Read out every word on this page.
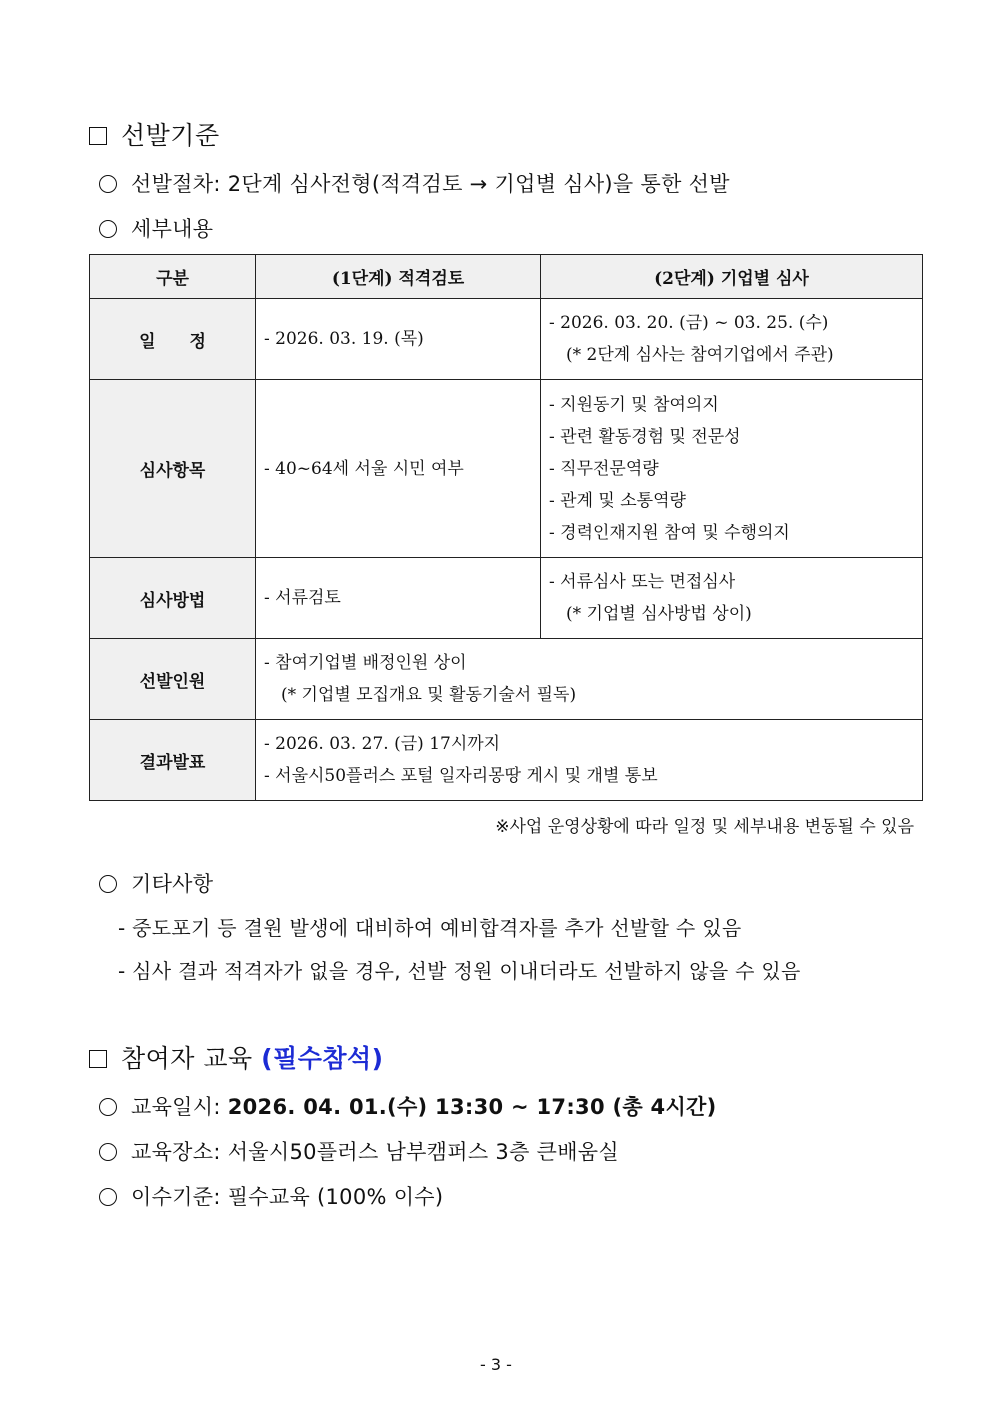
선발기준
선발절차: 2단계 심사전형(적격검토 → 기업별 심사)을 통한 선발
세부내용
구분	(1단계) 적격검토	(2단계) 기업별 심사
일　　정	- 2026. 03. 19. (목)	- 2026. 03. 20. (금) ~ 03. 25. (수)
　(* 2단계 심사는 참여기업에서 주관)

심사항목	- 40~64세 서울 시민 여부	- 지원동기 및 참여의지
- 관련 활동경험 및 전문성
- 직무전문역량
- 관계 및 소통역량
- 경력인재지원 참여 및 수행의지

심사방법	- 서류검토	- 서류심사 또는 면접심사
　(* 기업별 심사방법 상이)

선발인원	- 참여기업별 배정인원 상이
　(* 기업별 모집개요 및 활동기술서 필독)	

결과발표	- 2026. 03. 27. (금) 17시까지
- 서울시50플러스 포털 일자리몽땅 게시 및 개별 통보	
※사업 운영상황에 따라 일정 및 세부내용 변동될 수 있음
기타사항
- 중도포기 등 결원 발생에 대비하여 예비합격자를 추가 선발할 수 있음
- 심사 결과 적격자가 없을 경우, 선발 정원 이내더라도 선발하지 않을 수 있음
참여자 교육 (필수참석)
교육일시: 2026. 04. 01.(수) 13:30 ~ 17:30 (총 4시간)
교육장소: 서울시50플러스 남부캠퍼스 3층 큰배움실
이수기준: 필수교육 (100% 이수)
- 3 -
